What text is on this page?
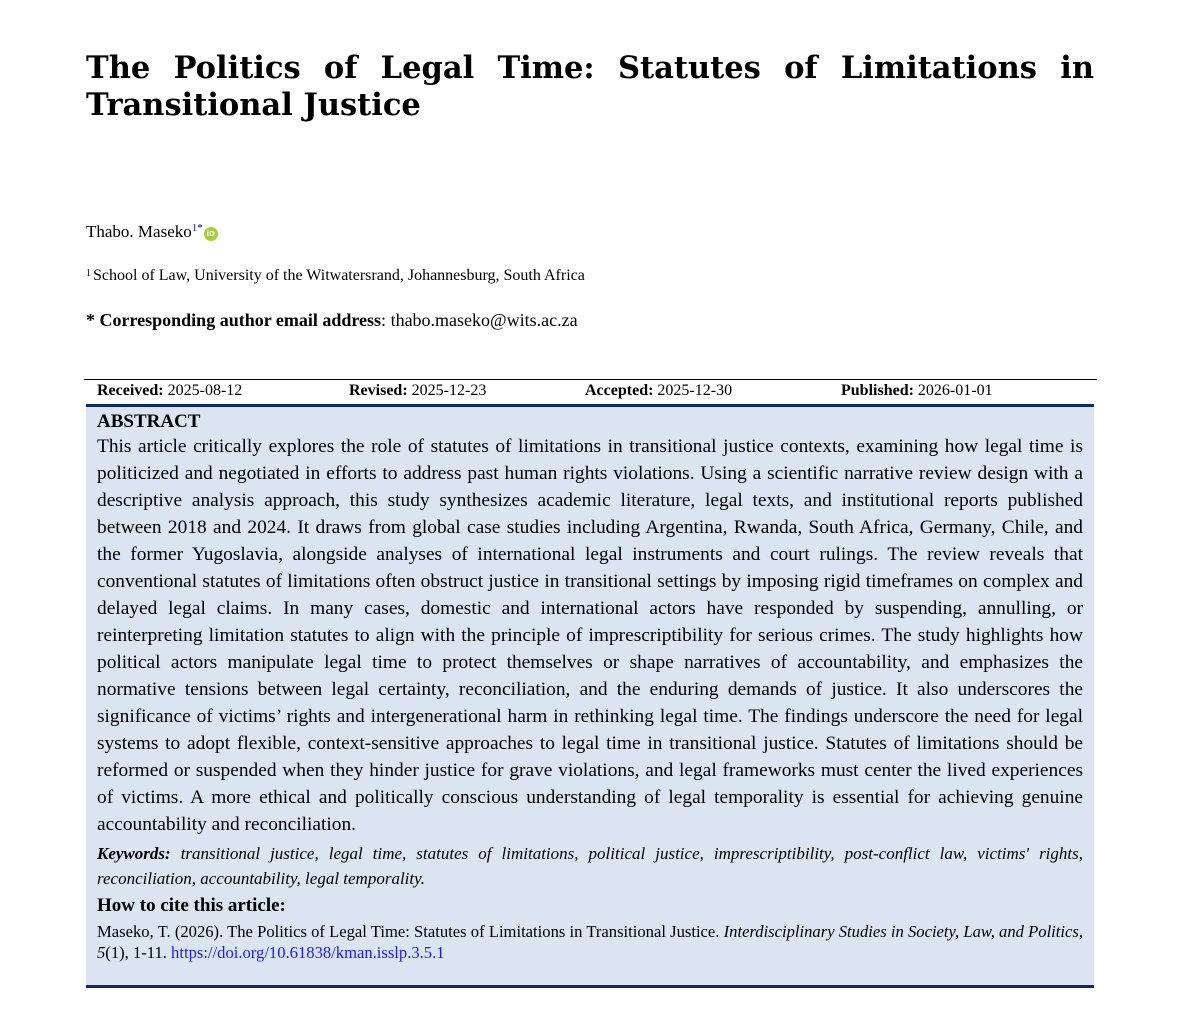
The Politics of Legal Time: Statutes of Limitations in Transitional Justice
Thabo. Maseko$^{1*}$ iD
$^1$ School of Law, University of the Witwatersrand, Johannesburg, South Africa
* Corresponding author email address: thabo.maseko@wits.ac.za
Received: 2025-08-12	Revised: 2025-12-23	Accepted: 2025-12-30	Published: 2026-01-01

ABSTRACT

This article critically explores the role of statutes of limitations in transitional justice contexts, examining how legal time is politicized and negotiated in efforts to address past human rights violations. Using a scientific narrative review design with a descriptive analysis approach, this study synthesizes academic literature, legal texts, and institutional reports published between 2018 and 2024. It draws from global case studies including Argentina, Rwanda, South Africa, Germany, Chile, and the former Yugoslavia, alongside analyses of international legal instruments and court rulings. The review reveals that conventional statutes of limitations often obstruct justice in transitional settings by imposing rigid timeframes on complex and delayed legal claims. In many cases, domestic and international actors have responded by suspending, annulling, or reinterpreting limitation statutes to align with the principle of imprescriptibility for serious crimes. The study highlights how political actors manipulate legal time to protect themselves or shape narratives of accountability, and emphasizes the normative tensions between legal certainty, reconciliation, and the enduring demands of justice. It also underscores the significance of victims’ rights and intergenerational harm in rethinking legal time. The findings underscore the need for legal systems to adopt flexible, context-sensitive approaches to legal time in transitional justice. Statutes of limitations should be reformed or suspended when they hinder justice for grave violations, and legal frameworks must center the lived experiences of victims. A more ethical and politically conscious understanding of legal temporality is essential for achieving genuine accountability and reconciliation.

Keywords: transitional justice, legal time, statutes of limitations, political justice, imprescriptibility, post-conflict law, victims' rights, reconciliation, accountability, legal temporality.

How to cite this article:

Maseko, T. (2026). The Politics of Legal Time: Statutes of Limitations in Transitional Justice. Interdisciplinary Studies in Society, Law, and Politics, 5(1), 1-11. https://doi.org/10.61838/kman.isslp.3.5.1
